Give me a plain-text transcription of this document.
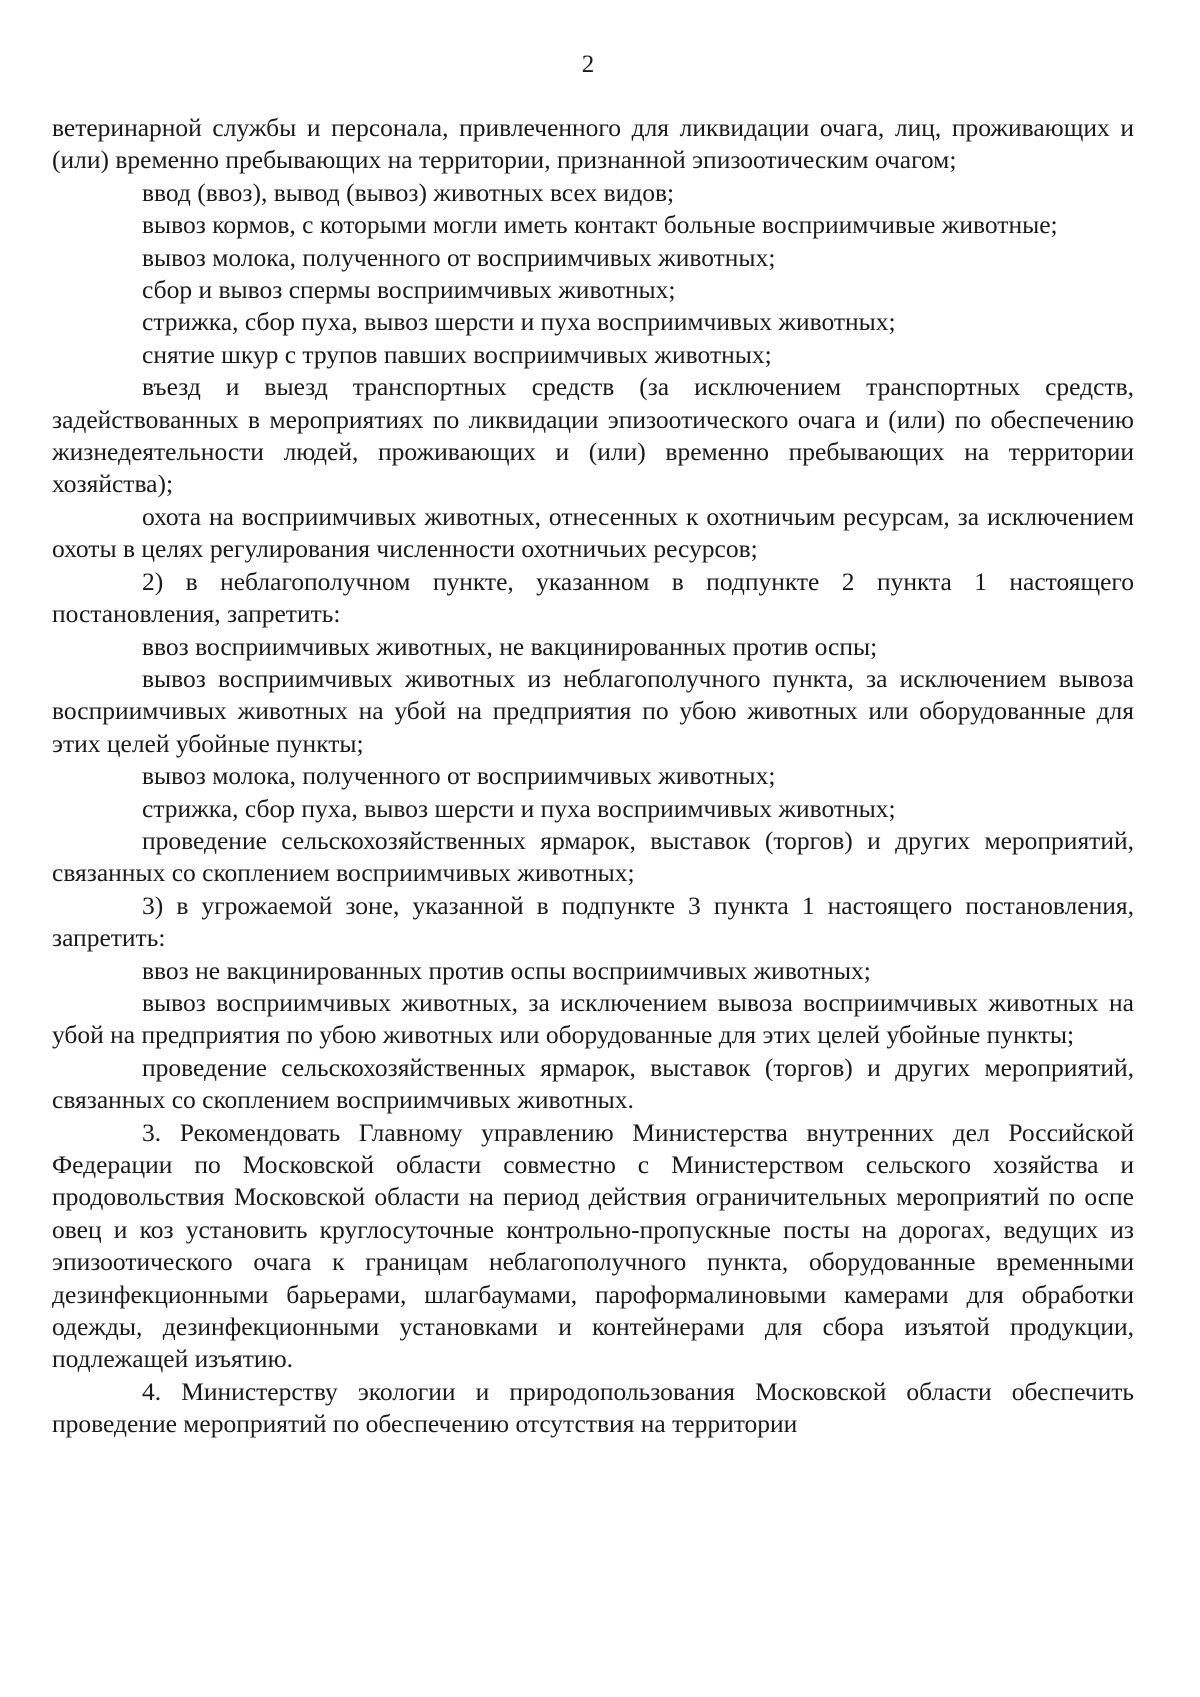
2

ветеринарной службы и персонала, привлеченного для ликвидации очага, лиц, проживающих и (или) временно пребывающих на территории, признанной эпизоотическим очагом;

ввод (ввоз), вывод (вывоз) животных всех видов;

вывоз кормов, с которыми могли иметь контакт больные восприимчивые животные;

вывоз молока, полученного от восприимчивых животных;

сбор и вывоз спермы восприимчивых животных;

стрижка, сбор пуха, вывоз шерсти и пуха восприимчивых животных;

снятие шкур с трупов павших восприимчивых животных;

въезд и выезд транспортных средств (за исключением транспортных средств, задействованных в мероприятиях по ликвидации эпизоотического очага и (или) по обеспечению жизнедеятельности людей, проживающих и (или) временно пребывающих на территории хозяйства);

охота на восприимчивых животных, отнесенных к охотничьим ресурсам, за исключением охоты в целях регулирования численности охотничьих ресурсов;

2) в неблагополучном пункте, указанном в подпункте 2 пункта 1 настоящего постановления, запретить:

ввоз восприимчивых животных, не вакцинированных против оспы;

вывоз восприимчивых животных из неблагополучного пункта, за исключением вывоза восприимчивых животных на убой на предприятия по убою животных или оборудованные для этих целей убойные пункты;

вывоз молока, полученного от восприимчивых животных;

стрижка, сбор пуха, вывоз шерсти и пуха восприимчивых животных;

проведение сельскохозяйственных ярмарок, выставок (торгов) и других мероприятий, связанных со скоплением восприимчивых животных;

3) в угрожаемой зоне, указанной в подпункте 3 пункта 1 настоящего постановления, запретить:

ввоз не вакцинированных против оспы восприимчивых животных;

вывоз восприимчивых животных, за исключением вывоза восприимчивых животных на убой на предприятия по убою животных или оборудованные для этих целей убойные пункты;

проведение сельскохозяйственных ярмарок, выставок (торгов) и других мероприятий, связанных со скоплением восприимчивых животных.

3. Рекомендовать Главному управлению Министерства внутренних дел Российской Федерации по Московской области совместно с Министерством сельского хозяйства и продовольствия Московской области на период действия ограничительных мероприятий по оспе овец и коз установить круглосуточные контрольно-пропускные посты на дорогах, ведущих из эпизоотического очага к границам неблагополучного пункта, оборудованные временными дезинфекционными барьерами, шлагбаумами, пароформалиновыми камерами для обработки одежды, дезинфекционными установками и контейнерами для сбора изъятой продукции, подлежащей изъятию.

4. Министерству экологии и природопользования Московской области обеспечить проведение мероприятий по обеспечению отсутствия на территории
